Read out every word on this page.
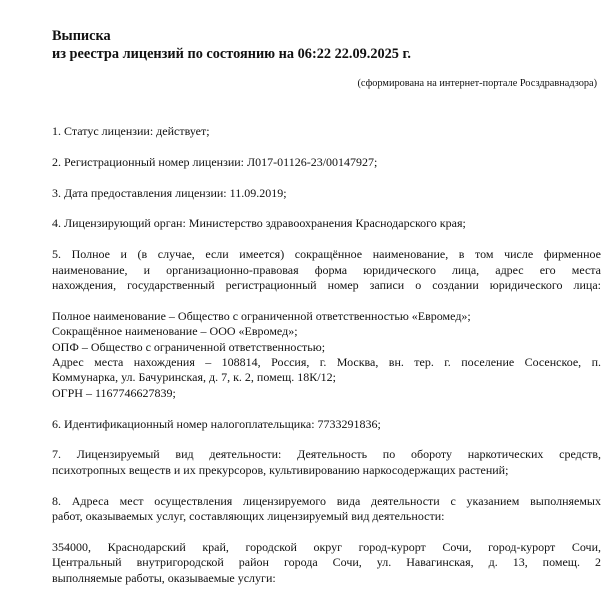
Выписка
из реестра лицензий по состоянию на 06:22 22.09.2025 г.
(сформирована на интернет-портале Росздравнадзора)

1. Статус лицензии: действует;

2. Регистрационный номер лицензии: Л017-01126-23/00147927;

3. Дата предоставления лицензии: 11.09.2019;

4. Лицензирующий орган: Министерство здравоохранения Краснодарского края;

5. Полное и (в случае, если имеется) сокращённое наименование, в том числе фирменное
наименование, и организационно-правовая форма юридического лица, адрес его места
нахождения, государственный регистрационный номер записи о создании юридического лица:

Полное наименование – Общество с ограниченной ответственностью «Евромед»;
Сокращённое наименование – ООО «Евромед»;
ОПФ – Общество с ограниченной ответственностью;
Адрес места нахождения – 108814, Россия, г. Москва, вн. тер. г. поселение Сосенское, п.
Коммунарка, ул. Бачуринская, д. 7, к. 2, помещ. 18К/12;
ОГРН – 1167746627839;

6. Идентификационный номер налогоплательщика: 7733291836;

7. Лицензируемый вид деятельности: Деятельность по обороту наркотических средств,
психотропных веществ и их прекурсоров, культивированию наркосодержащих растений;

8. Адреса мест осуществления лицензируемого вида деятельности с указанием выполняемых
работ, оказываемых услуг, составляющих лицензируемый вид деятельности:

354000, Краснодарский край, городской округ город-курорт Сочи, город-курорт Сочи,
Центральный внутригородской район города Сочи, ул. Навагинская, д. 13, помещ. 2
выполняемые работы, оказываемые услуги:
